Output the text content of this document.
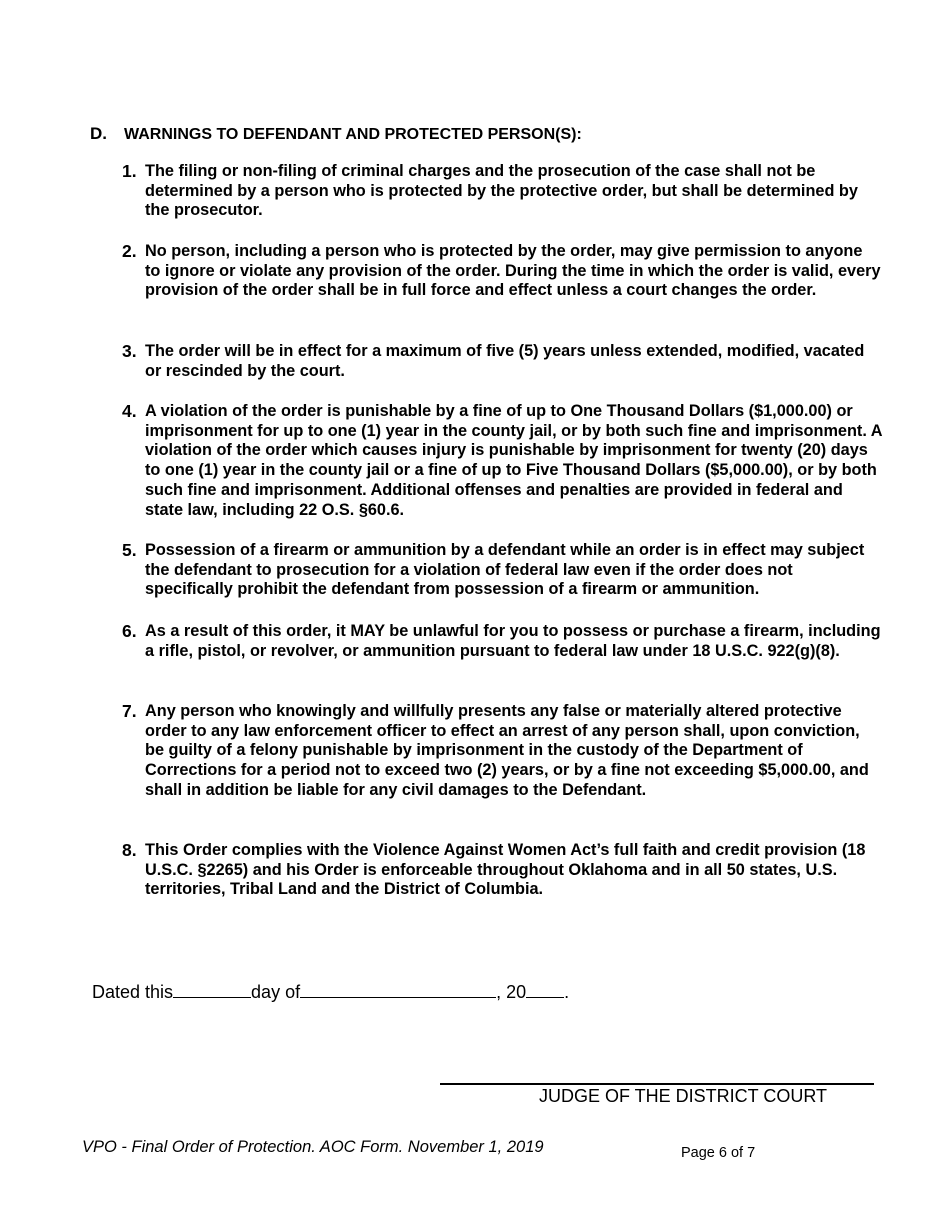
D. WARNINGS TO DEFENDANT AND PROTECTED PERSON(S):
1. The filing or non-filing of criminal charges and the prosecution of the case shall not be determined by a person who is protected by the protective order, but shall be determined by the prosecutor.
2. No person, including a person who is protected by the order, may give permission to anyone to ignore or violate any provision of the order. During the time in which the order is valid, every provision of the order shall be in full force and effect unless a court changes the order.
3. The order will be in effect for a maximum of five (5) years unless extended, modified, vacated or rescinded by the court.
4. A violation of the order is punishable by a fine of up to One Thousand Dollars ($1,000.00) or imprisonment for up to one (1) year in the county jail, or by both such fine and imprisonment. A violation of the order which causes injury is punishable by imprisonment for twenty (20) days to one (1) year in the county jail or a fine of up to Five Thousand Dollars ($5,000.00), or by both such fine and imprisonment. Additional offenses and penalties are provided in federal and state law, including 22 O.S. §60.6.
5. Possession of a firearm or ammunition by a defendant while an order is in effect may subject the defendant to prosecution for a violation of federal law even if the order does not specifically prohibit the defendant from possession of a firearm or ammunition.
6. As a result of this order, it MAY be unlawful for you to possess or purchase a firearm, including a rifle, pistol, or revolver, or ammunition pursuant to federal law under 18 U.S.C. 922(g)(8).
7. Any person who knowingly and willfully presents any false or materially altered protective order to any law enforcement officer to effect an arrest of any person shall, upon conviction, be guilty of a felony punishable by imprisonment in the custody of the Department of Corrections for a period not to exceed two (2) years, or by a fine not exceeding $5,000.00, and shall in addition be liable for any civil damages to the Defendant.
8. This Order complies with the Violence Against Women Act’s full faith and credit provision (18 U.S.C. §2265) and his Order is enforceable throughout Oklahoma and in all 50 states, U.S. territories, Tribal Land and the District of Columbia.
Dated this	day of	, 20 .
JUDGE OF THE DISTRICT COURT
VPO - Final Order of Protection. AOC Form. November 1, 2019	Page 6 of 7
